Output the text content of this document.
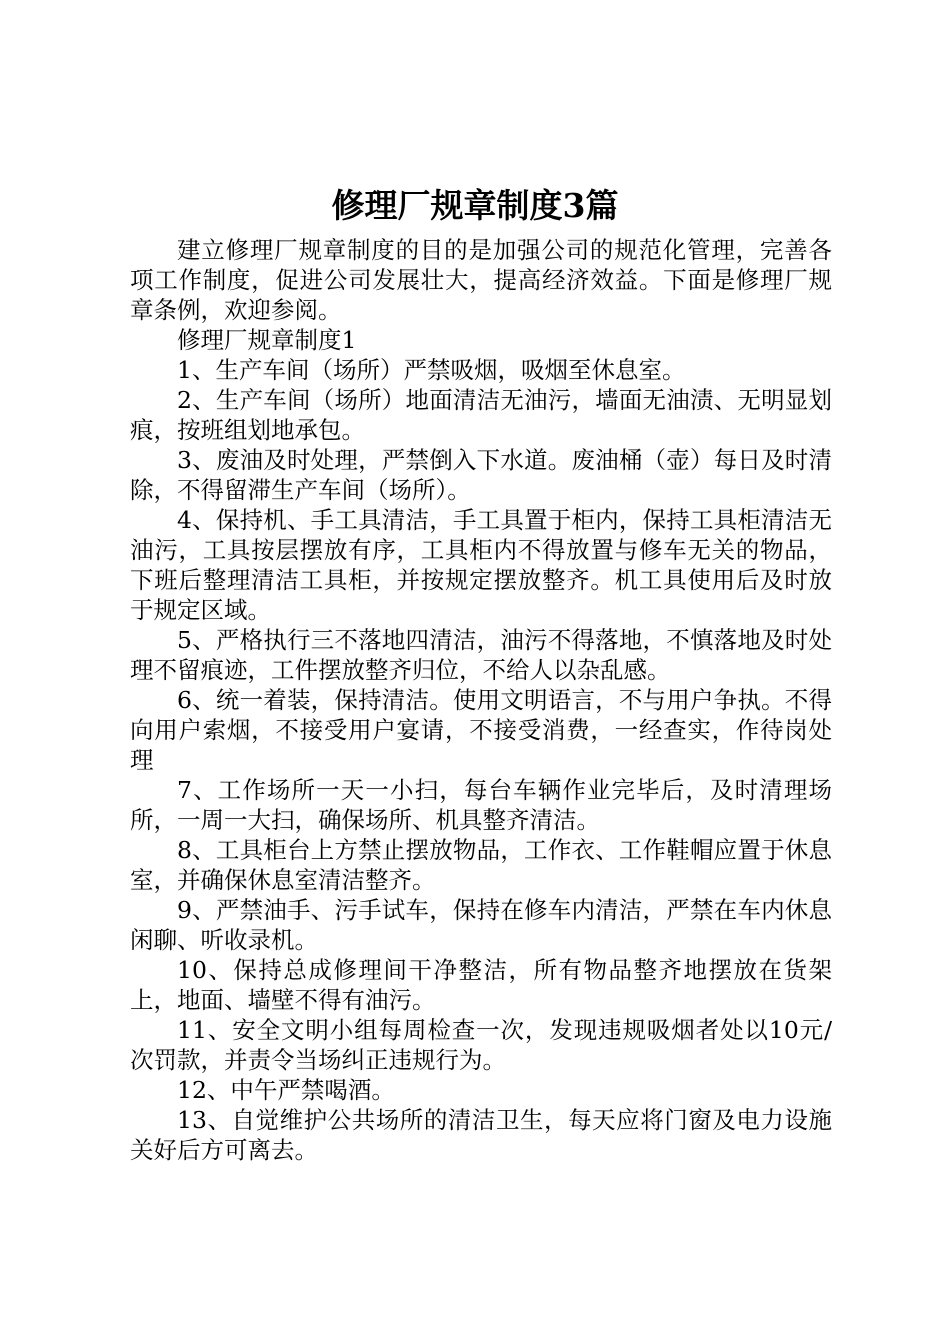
修理厂规章制度3篇

建立修理厂规章制度的目的是加强公司的规范化管理，完善各项工作制度，促进公司发展壮大，提高经济效益。下面是修理厂规章条例，欢迎参阅。

修理厂规章制度1

1、生产车间（场所）严禁吸烟，吸烟至休息室。

2、生产车间（场所）地面清洁无油污，墙面无油渍、无明显划痕，按班组划地承包。

3、废油及时处理，严禁倒入下水道。废油桶（壶）每日及时清除，不得留滞生产车间（场所）。

4、保持机、手工具清洁，手工具置于柜内，保持工具柜清洁无油污，工具按层摆放有序，工具柜内不得放置与修车无关的物品，下班后整理清洁工具柜，并按规定摆放整齐。机工具使用后及时放于规定区域。

5、严格执行三不落地四清洁，油污不得落地，不慎落地及时处理不留痕迹，工件摆放整齐归位，不给人以杂乱感。

6、统一着装，保持清洁。使用文明语言，不与用户争执。不得向用户索烟，不接受用户宴请，不接受消费，一经查实，作待岗处理

7、工作场所一天一小扫，每台车辆作业完毕后，及时清理场所，一周一大扫，确保场所、机具整齐清洁。

8、工具柜台上方禁止摆放物品，工作衣、工作鞋帽应置于休息室，并确保休息室清洁整齐。

9、严禁油手、污手试车，保持在修车内清洁，严禁在车内休息闲聊、听收录机。

10、保持总成修理间干净整洁，所有物品整齐地摆放在货架上，地面、墙壁不得有油污。

11、安全文明小组每周检查一次，发现违规吸烟者处以10元/次罚款，并责令当场纠正违规行为。

12、中午严禁喝酒。

13、自觉维护公共场所的清洁卫生，每天应将门窗及电力设施关好后方可离去。
